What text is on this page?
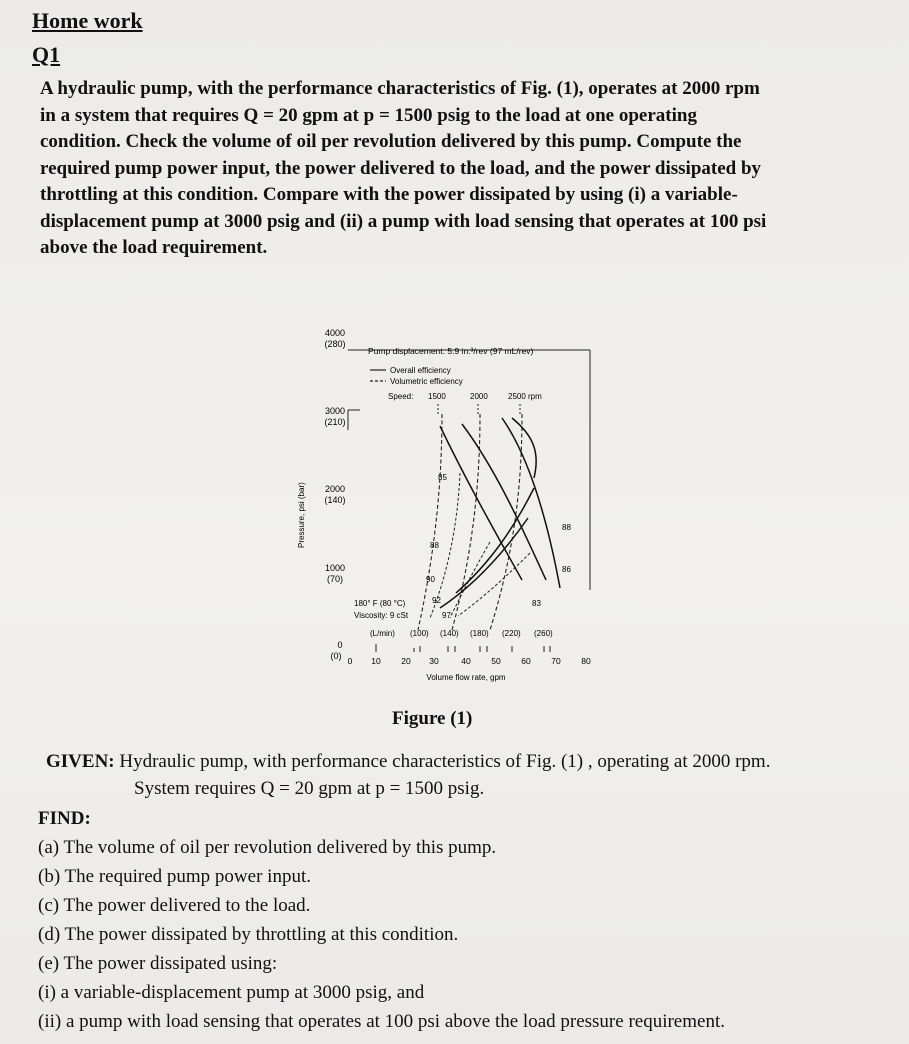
Home work
Q1
A hydraulic pump, with the performance characteristics of Fig. (1), operates at 2000 rpm
in a system that requires Q = 20 gpm at p = 1500 psig to the load at one operating
condition. Check the volume of oil per revolution delivered by this pump. Compute the
required pump power input, the power delivered to the load, and the power dissipated by
throttling at this condition. Compare with the power dissipated by using (i) a variable-
displacement pump at 3000 psig and (ii) a pump with load sensing that operates at 100 psi
above the load requirement.
4000
(280)
3000
(210)
2000
(140)
1000
(70)
0
(0)
Pressure, psi (bar)
Pump displacement: 5.9 in.³/rev (97 mL/rev)
Overall efficiency
Volumetric efficiency
Speed: 1500	2000	2500 rpm
85
88
90
92
97
88
86
83
180° F (80 °C)
Viscosity: 9 cSt
(L/min) (100) (140) (180) (220) (260)
0 10 20 30	40 50 60 70 80
Volume flow rate, gpm
Figure (1)
GIVEN: Hydraulic pump, with performance characteristics of Fig. (1) , operating at 2000 rpm.
System requires Q = 20 gpm at p = 1500 psig.
FIND:
(a) The volume of oil per revolution delivered by this pump.
(b) The required pump power input.
(c) The power delivered to the load.
(d) The power dissipated by throttling at this condition.
(e) The power dissipated using:
(i) a variable-displacement pump at 3000 psig, and
(ii) a pump with load sensing that operates at 100 psi above the load pressure requirement.
